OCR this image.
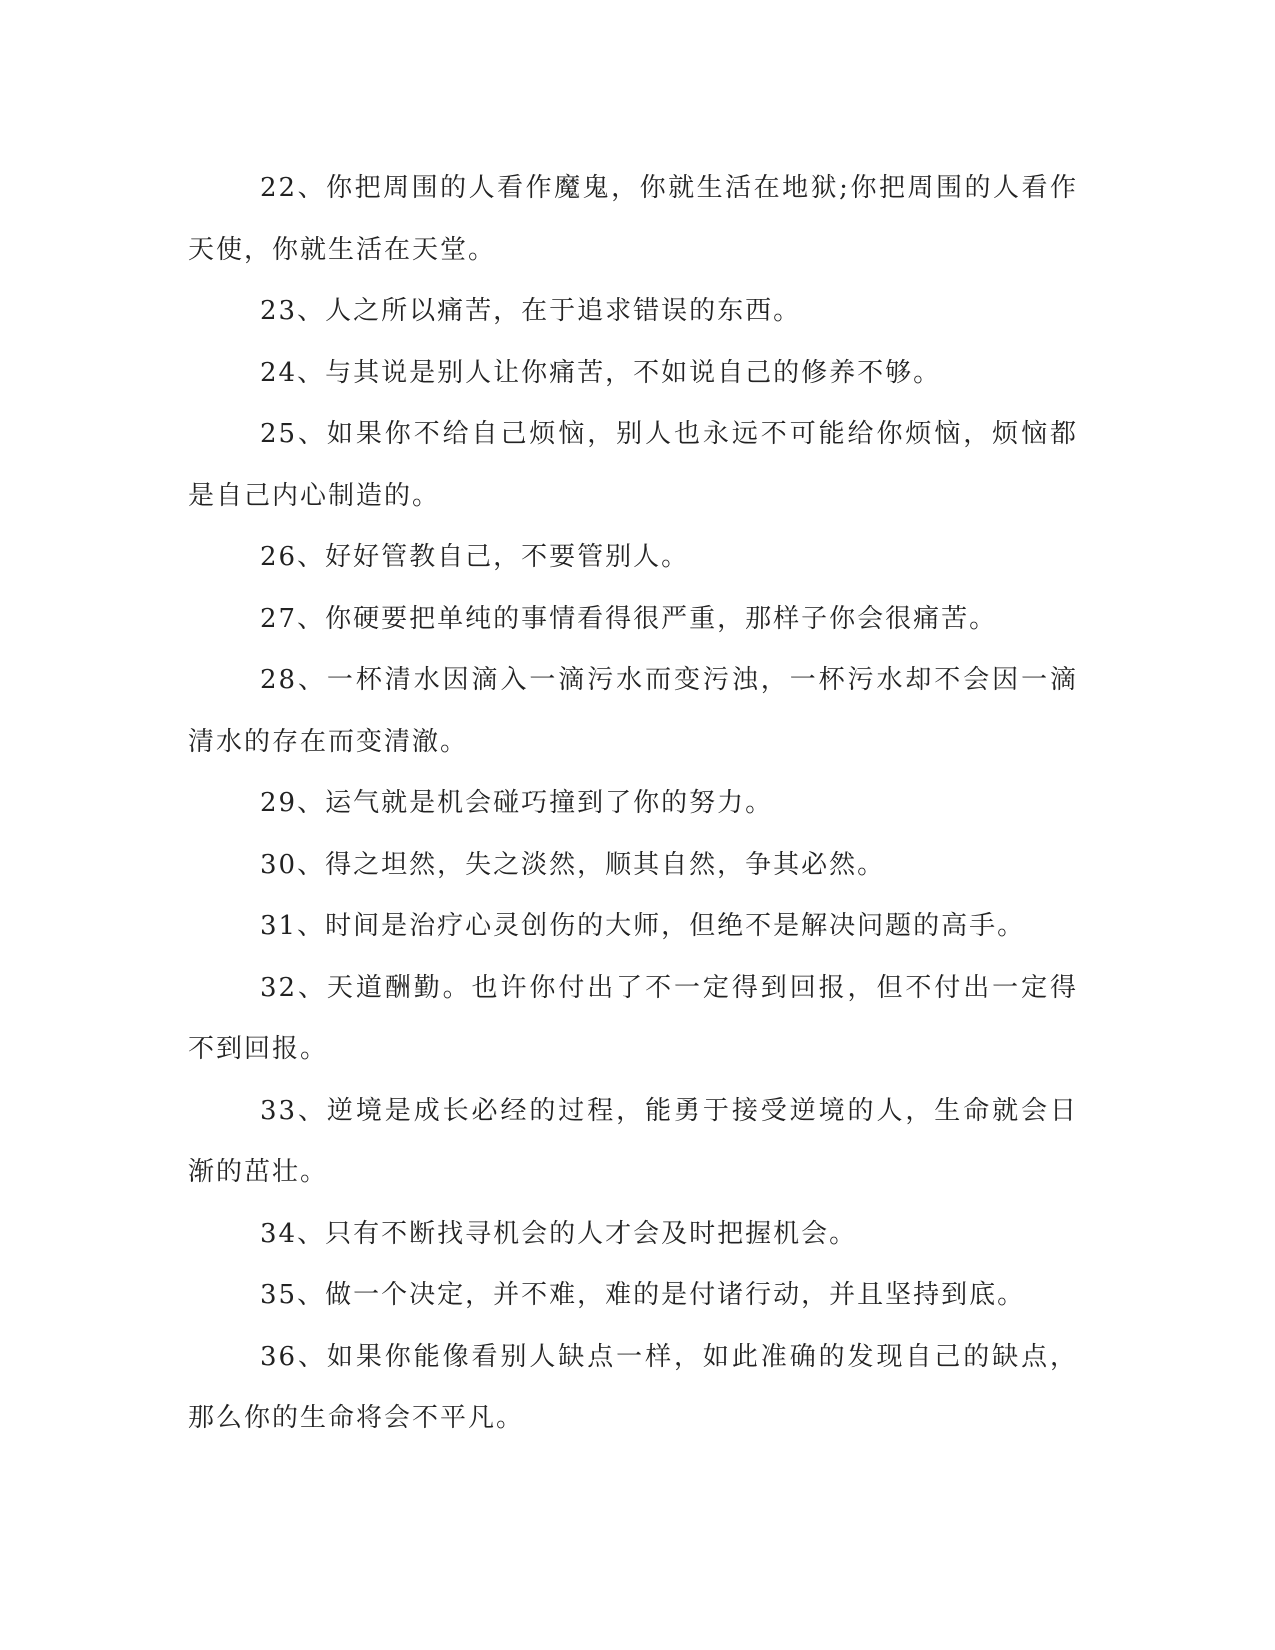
22、你把周围的人看作魔鬼，你就生活在地狱;你把周围的人看作天使，你就生活在天堂。

23、人之所以痛苦，在于追求错误的东西。

24、与其说是别人让你痛苦，不如说自己的修养不够。

25、如果你不给自己烦恼，别人也永远不可能给你烦恼，烦恼都是自己内心制造的。

26、好好管教自己，不要管别人。

27、你硬要把单纯的事情看得很严重，那样子你会很痛苦。

28、一杯清水因滴入一滴污水而变污浊，一杯污水却不会因一滴清水的存在而变清澈。

29、运气就是机会碰巧撞到了你的努力。

30、得之坦然，失之淡然，顺其自然，争其必然。

31、时间是治疗心灵创伤的大师，但绝不是解决问题的高手。

32、天道酬勤。也许你付出了不一定得到回报，但不付出一定得不到回报。

33、逆境是成长必经的过程，能勇于接受逆境的人，生命就会日渐的茁壮。

34、只有不断找寻机会的人才会及时把握机会。

35、做一个决定，并不难，难的是付诸行动，并且坚持到底。

36、如果你能像看别人缺点一样，如此准确的发现自己的缺点，那么你的生命将会不平凡。
